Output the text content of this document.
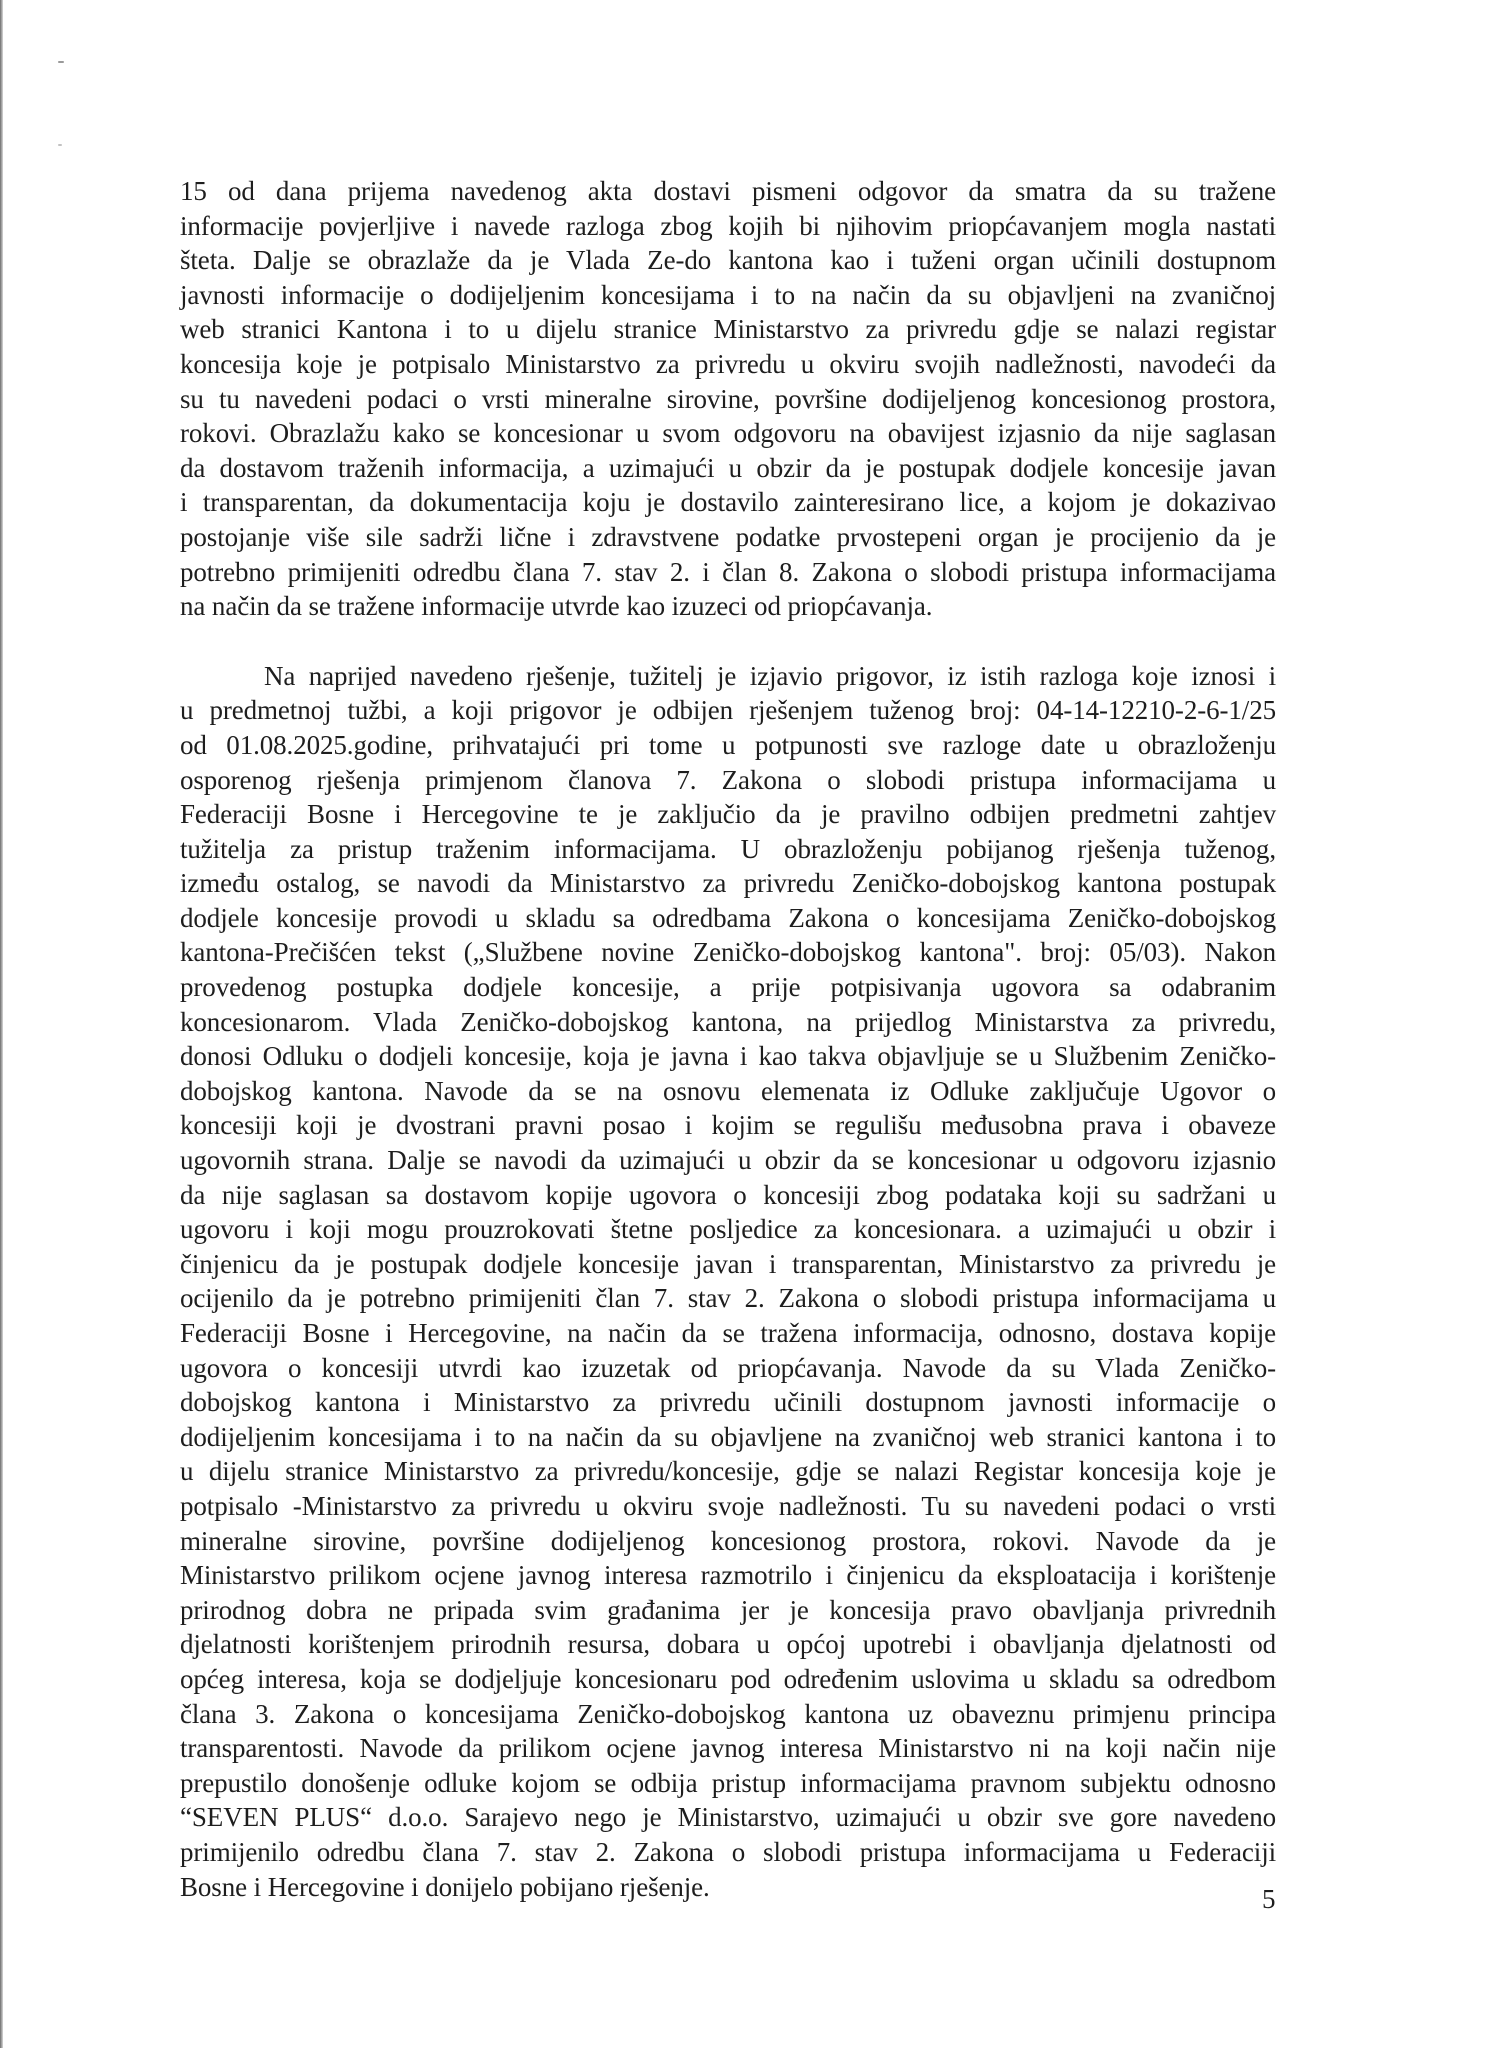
15 od dana prijema navedenog akta dostavi pismeni odgovor da smatra da su tražene
informacije povjerljive i navede razloga zbog kojih bi njihovim priopćavanjem mogla nastati
šteta. Dalje se obrazlaže da je Vlada Ze-do kantona kao i tuženi organ učinili dostupnom
javnosti informacije o dodijeljenim koncesijama i to na način da su objavljeni na zvaničnoj
web stranici Kantona i to u dijelu stranice Ministarstvo za privredu gdje se nalazi registar
koncesija koje je potpisalo Ministarstvo za privredu u okviru svojih nadležnosti, navodeći da
su tu navedeni podaci o vrsti mineralne sirovine, površine dodijeljenog koncesionog prostora,
rokovi. Obrazlažu kako se koncesionar u svom odgovoru na obavijest izjasnio da nije saglasan
da dostavom traženih informacija, a uzimajući u obzir da je postupak dodjele koncesije javan
i transparentan, da dokumentacija koju je dostavilo zainteresirano lice, a kojom je dokazivao
postojanje više sile sadrži lične i zdravstvene podatke prvostepeni organ je procijenio da je
potrebno primijeniti odredbu člana 7. stav 2. i član 8. Zakona o slobodi pristupa informacijama
na način da se tražene informacije utvrde kao izuzeci od priopćavanja.

Na naprijed navedeno rješenje, tužitelj je izjavio prigovor, iz istih razloga koje iznosi i
u predmetnoj tužbi, a koji prigovor je odbijen rješenjem tuženog broj: 04-14-12210-2-6-1/25
od 01.08.2025.godine, prihvatajući pri tome u potpunosti sve razloge date u obrazloženju
osporenog rješenja primjenom članova 7. Zakona o slobodi pristupa informacijama u
Federaciji Bosne i Hercegovine te je zaključio da je pravilno odbijen predmetni zahtjev
tužitelja za pristup traženim informacijama. U obrazloženju pobijanog rješenja tuženog,
između ostalog, se navodi da Ministarstvo za privredu Zeničko-dobojskog kantona postupak
dodjele koncesije provodi u skladu sa odredbama Zakona o koncesijama Zeničko-dobojskog
kantona-Prečišćen tekst („Službene novine Zeničko-dobojskog kantona". broj: 05/03). Nakon
provedenog postupka dodjele koncesije, a prije potpisivanja ugovora sa odabranim
koncesionarom. Vlada Zeničko-dobojskog kantona, na prijedlog Ministarstva za privredu,
donosi Odluku o dodjeli koncesije, koja je javna i kao takva objavljuje se u Službenim Zeničko-
dobojskog kantona. Navode da se na osnovu elemenata iz Odluke zaključuje Ugovor o
koncesiji koji je dvostrani pravni posao i kojim se regulišu međusobna prava i obaveze
ugovornih strana. Dalje se navodi da uzimajući u obzir da se koncesionar u odgovoru izjasnio
da nije saglasan sa dostavom kopije ugovora o koncesiji zbog podataka koji su sadržani u
ugovoru i koji mogu prouzrokovati štetne posljedice za koncesionara. a uzimajući u obzir i
činjenicu da je postupak dodjele koncesije javan i transparentan, Ministarstvo za privredu je
ocijenilo da je potrebno primijeniti član 7. stav 2. Zakona o slobodi pristupa informacijama u
Federaciji Bosne i Hercegovine, na način da se tražena informacija, odnosno, dostava kopije
ugovora o koncesiji utvrdi kao izuzetak od priopćavanja. Navode da su Vlada Zeničko-
dobojskog kantona i Ministarstvo za privredu učinili dostupnom javnosti informacije o
dodijeljenim koncesijama i to na način da su objavljene na zvaničnoj web stranici kantona i to
u dijelu stranice Ministarstvo za privredu/koncesije, gdje se nalazi Registar koncesija koje je
potpisalo -Ministarstvo za privredu u okviru svoje nadležnosti. Tu su navedeni podaci o vrsti
mineralne sirovine, površine dodijeljenog koncesionog prostora, rokovi. Navode da je
Ministarstvo prilikom ocjene javnog interesa razmotrilo i činjenicu da eksploatacija i korištenje
prirodnog dobra ne pripada svim građanima jer je koncesija pravo obavljanja privrednih
djelatnosti korištenjem prirodnih resursa, dobara u općoj upotrebi i obavljanja djelatnosti od
općeg interesa, koja se dodjeljuje koncesionaru pod određenim uslovima u skladu sa odredbom
člana 3. Zakona o koncesijama Zeničko-dobojskog kantona uz obaveznu primjenu principa
transparentosti. Navode da prilikom ocjene javnog interesa Ministarstvo ni na koji način nije
prepustilo donošenje odluke kojom se odbija pristup informacijama pravnom subjektu odnosno
“SEVEN PLUS“ d.o.o. Sarajevo nego je Ministarstvo, uzimajući u obzir sve gore navedeno
primijenilo odredbu člana 7. stav 2. Zakona o slobodi pristupa informacijama u Federaciji
Bosne i Hercegovine i donijelo pobijano rješenje.	5
